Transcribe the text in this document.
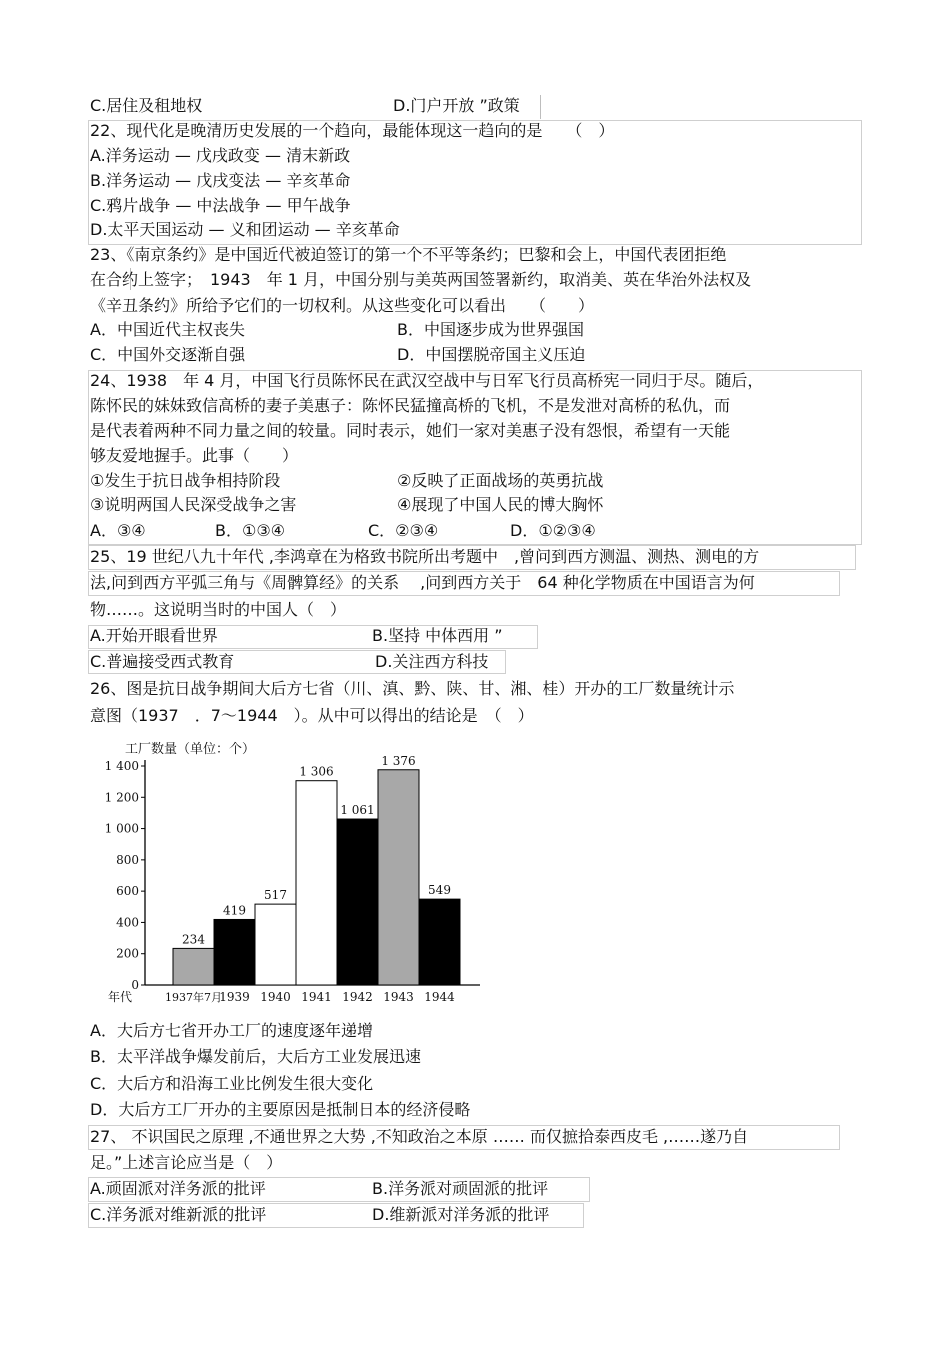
C.居住及租地权	D.门户开放 ”政策
22、现代化是晚清历史发展的一个趋向，最能体现这一趋向的是　　（　）
A.洋务运动 — 戊戌政变 — 清末新政
B.洋务运动 — 戊戌变法 — 辛亥革命
C.鸦片战争 — 中法战争 — 甲午战争
D.太平天国运动 — 义和团运动 — 辛亥革命
23、《南京条约》是中国近代被迫签订的第一个不平等条约；巴黎和会上，中国代表团拒绝
在合约上签字；　1943　年 1 月，中国分别与美英两国签署新约，取消美、英在华治外法权及
《辛丑条约》所给予它们的一切权利。从这些变化可以看出　　（　　）
A．中国近代主权丧失	B．中国逐步成为世界强国
C．中国外交逐渐自强	D．中国摆脱帝国主义压迫
24、1938　年 4 月，中国飞行员陈怀民在武汉空战中与日军飞行员高桥宪一同归于尽。随后，
陈怀民的妹妹致信高桥的妻子美惠子：陈怀民猛撞高桥的飞机，不是发泄对高桥的私仇，而
是代表着两种不同力量之间的较量。同时表示，她们一家对美惠子没有怨恨，希望有一天能
够友爱地握手。此事（　　）
①发生于抗日战争相持阶段	②反映了正面战场的英勇抗战
③说明两国人民深受战争之害	④展现了中国人民的博大胸怀
A．③④	B．①③④	C．②③④	D．①②③④
25、19 世纪八九十年代 ,李鸿章在为格致书院所出考题中　,曾问到西方测温、测热、测电的方
法,问到西方平弧三角与《周髀算经》的关系　 ,问到西方关于　64 种化学物质在中国语言为何
物……。这说明当时的中国人（　）
A.开始开眼看世界	B.坚持 中体西用 ”
C.普遍接受西式教育	D.关注西方科技
26、图是抗日战争期间大后方七省（川、滇、黔、陕、甘、湘、桂）开办的工厂数量统计示
意图（1937　．7～1944　）。从中可以得出的结论是　（　）
工厂数量（单位：个）
0
200
400
600
800
1 000
1 200
1 400
年代
234
1937年7月
419
1939
517
1940
1 306
1941
1 061
1942
1 376
1943
549
1944
A．大后方七省开办工厂的速度逐年递增
B．太平洋战争爆发前后，大后方工业发展迅速
C．大后方和沿海工业比例发生很大变化
D．大后方工厂开办的主要原因是抵制日本的经济侵略
27、 不识国民之原理 ,不通世界之大势 ,不知政治之本原 …… 而仅摭拾泰西皮毛 ,……遂乃自
足。”上述言论应当是（　）
A.顽固派对洋务派的批评	B.洋务派对顽固派的批评
C.洋务派对维新派的批评	D.维新派对洋务派的批评
